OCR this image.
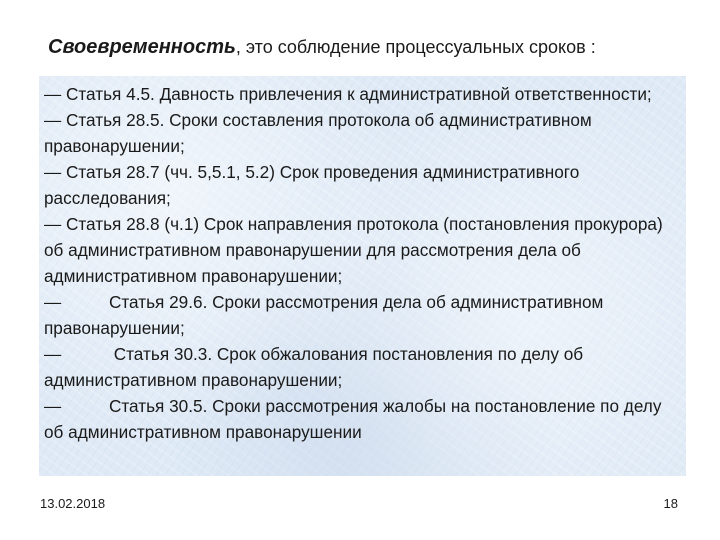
Своевременность, это соблюдение процессуальных сроков :
— Статья 4.5. Давность привлечения к административной ответственности;
— Статья 28.5. Сроки составления протокола об административном правонарушении;
— Статья 28.7 (чч. 5,5.1, 5.2) Срок проведения административного расследования;
— Статья 28.8 (ч.1) Срок направления протокола (постановления прокурора) об административном правонарушении для рассмотрения дела об административном правонарушении;
—          Статья 29.6. Сроки рассмотрения дела об административном правонарушении;
—           Статья 30.3. Срок обжалования постановления по делу об административном правонарушении;
—          Статья 30.5. Сроки рассмотрения жалобы на постановление по делу об административном правонарушении
13.02.2018	18
